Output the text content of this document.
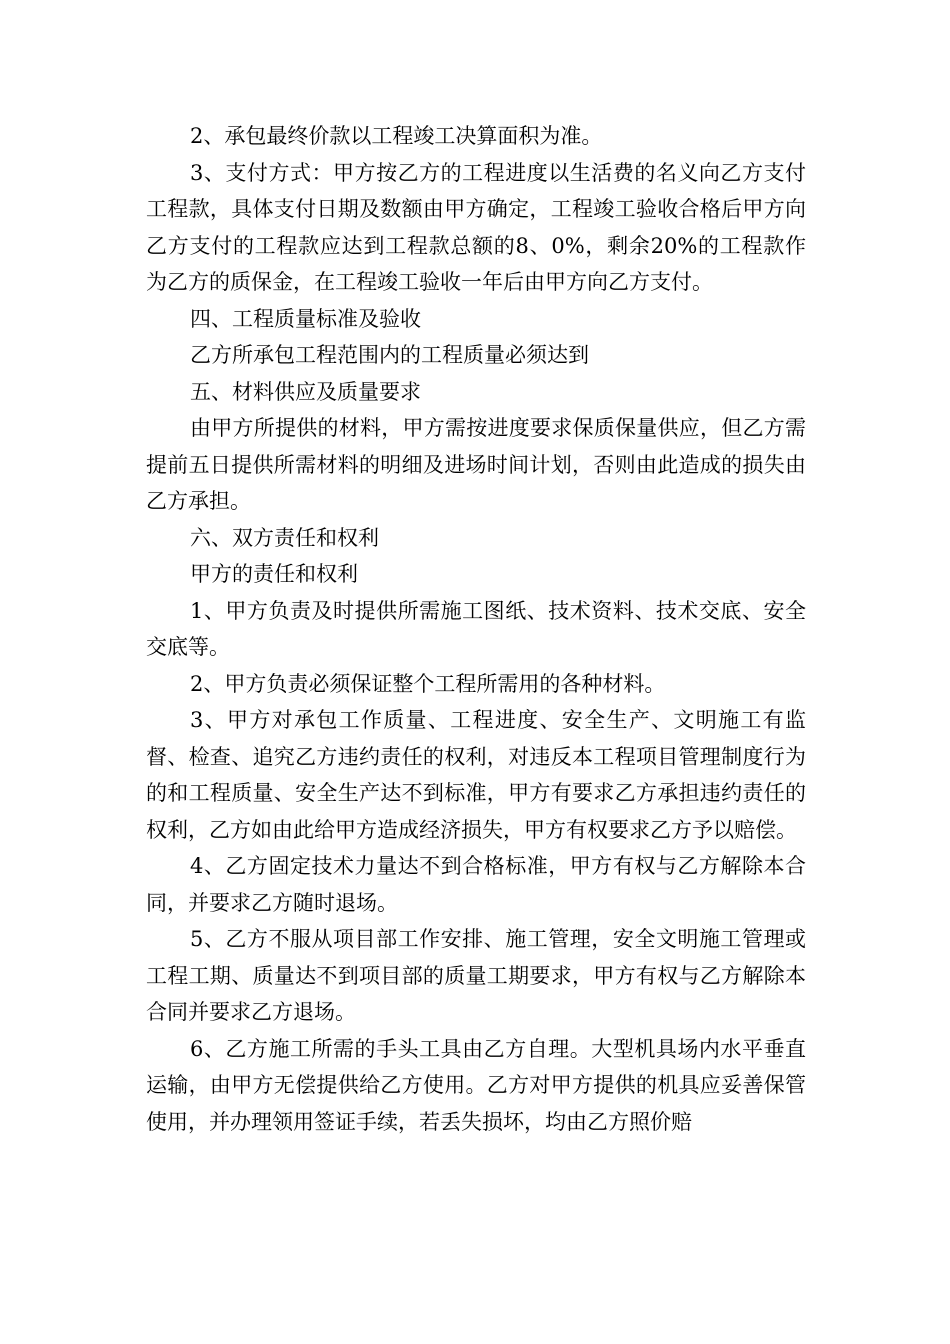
2、承包最终价款以工程竣工决算面积为准。

3、支付方式：甲方按乙方的工程进度以生活费的名义向乙方支付工程款，具体支付日期及数额由甲方确定，工程竣工验收合格后甲方向乙方支付的工程款应达到工程款总额的8、0%，剩余20%的工程款作为乙方的质保金，在工程竣工验收一年后由甲方向乙方支付。

四、工程质量标准及验收

乙方所承包工程范围内的工程质量必须达到

五、材料供应及质量要求

由甲方所提供的材料，甲方需按进度要求保质保量供应，但乙方需提前五日提供所需材料的明细及进场时间计划，否则由此造成的损失由乙方承担。

六、双方责任和权利

甲方的责任和权利

1、甲方负责及时提供所需施工图纸、技术资料、技术交底、安全交底等。

2、甲方负责必须保证整个工程所需用的各种材料。

3、甲方对承包工作质量、工程进度、安全生产、文明施工有监督、检查、追究乙方违约责任的权利，对违反本工程项目管理制度行为的和工程质量、安全生产达不到标准，甲方有要求乙方承担违约责任的权利，乙方如由此给甲方造成经济损失，甲方有权要求乙方予以赔偿。

4、乙方固定技术力量达不到合格标准，甲方有权与乙方解除本合同，并要求乙方随时退场。

5、乙方不服从项目部工作安排、施工管理，安全文明施工管理或工程工期、质量达不到项目部的质量工期要求，甲方有权与乙方解除本合同并要求乙方退场。

6、乙方施工所需的手头工具由乙方自理。大型机具场内水平垂直运输，由甲方无偿提供给乙方使用。乙方对甲方提供的机具应妥善保管使用，并办理领用签证手续，若丢失损坏，均由乙方照价赔
